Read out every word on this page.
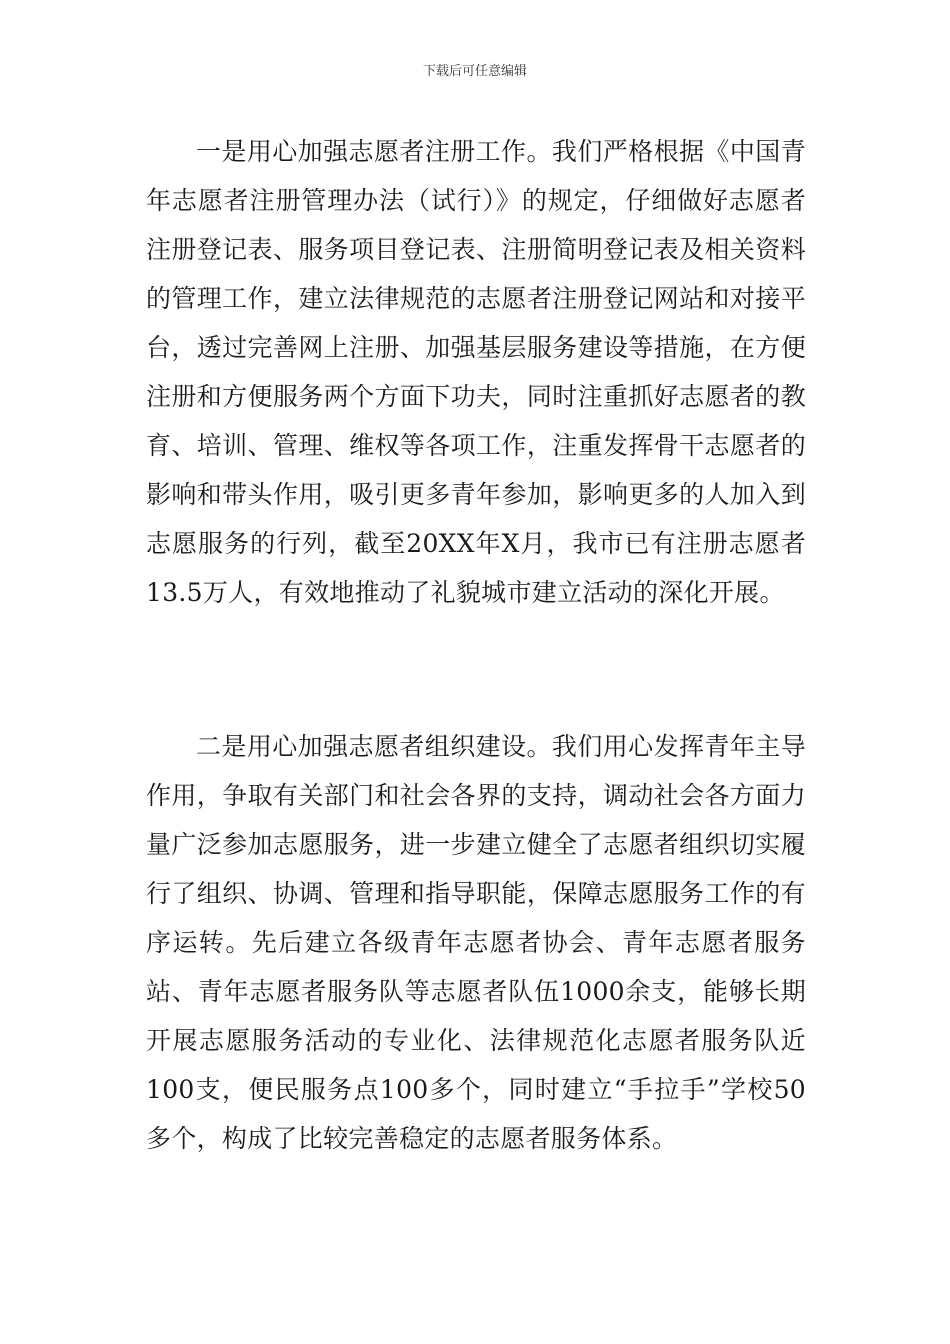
下载后可任意编辑

一是用心加强志愿者注册工作。我们严格根据《中国青年志愿者注册管理办法（试行）》的规定，仔细做好志愿者注册登记表、服务项目登记表、注册简明登记表及相关资料的管理工作，建立法律规范的志愿者注册登记网站和对接平台，透过完善网上注册、加强基层服务建设等措施，在方便注册和方便服务两个方面下功夫，同时注重抓好志愿者的教育、培训、管理、维权等各项工作，注重发挥骨干志愿者的影响和带头作用，吸引更多青年参加，影响更多的人加入到志愿服务的行列，截至20XX年X月，我市已有注册志愿者13.5万人，有效地推动了礼貌城市建立活动的深化开展。

二是用心加强志愿者组织建设。我们用心发挥青年主导作用，争取有关部门和社会各界的支持，调动社会各方面力量广泛参加志愿服务，进一步建立健全了志愿者组织切实履行了组织、协调、管理和指导职能，保障志愿服务工作的有序运转。先后建立各级青年志愿者协会、青年志愿者服务站、青年志愿者服务队等志愿者队伍1000余支，能够长期开展志愿服务活动的专业化、法律规范化志愿者服务队近100支，便民服务点100多个，同时建立“手拉手”学校50多个，构成了比较完善稳定的志愿者服务体系。
